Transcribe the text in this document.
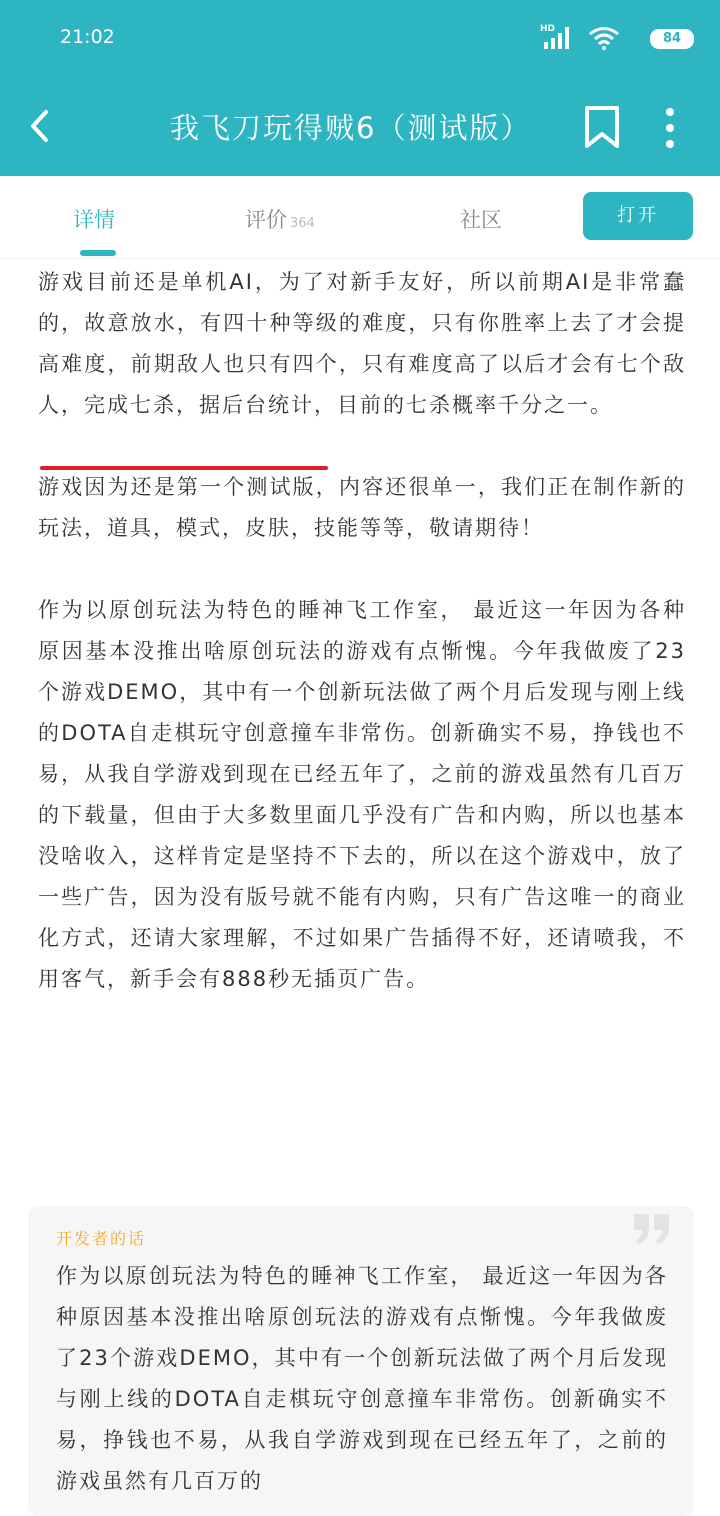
21:02	HD
84
我飞刀玩得贼6（测试版）
详情	评价 364	社区	打开

游戏目前还是单机AI，为了对新手友好，所以前期AI是非常蠢的，故意放水，有四十种等级的难度，只有你胜率上去了才会提高难度，前期敌人也只有四个，只有难度高了以后才会有七个敌人，完成七杀，据后台统计，目前的七杀概率千分之一。

游戏因为还是第一个测试版，内容还很单一，我们正在制作新的玩法，道具，模式，皮肤，技能等等，敬请期待！

作为以原创玩法为特色的睡神飞工作室， 最近这一年因为各种原因基本没推出啥原创玩法的游戏有点惭愧。今年我做废了23个游戏DEMO，其中有一个创新玩法做了两个月后发现与刚上线的DOTA自走棋玩守创意撞车非常伤。创新确实不易，挣钱也不易，从我自学游戏到现在已经五年了，之前的游戏虽然有几百万的下载量，但由于大多数里面几乎没有广告和内购，所以也基本没啥收入，这样肯定是坚持不下去的，所以在这个游戏中，放了一些广告，因为没有版号就不能有内购，只有广告这唯一的商业化方式，还请大家理解，不过如果广告插得不好，还请喷我，不用客气，新手会有888秒无插页广告。

开发者的话
作为以原创玩法为特色的睡神飞工作室， 最近这一年因为各种原因基本没推出啥原创玩法的游戏有点惭愧。今年我做废了23个游戏DEMO，其中有一个创新玩法做了两个月后发现与刚上线的DOTA自走棋玩守创意撞车非常伤。创新确实不易，挣钱也不易，从我自学游戏到现在已经五年了，之前的游戏虽然有几百万的
